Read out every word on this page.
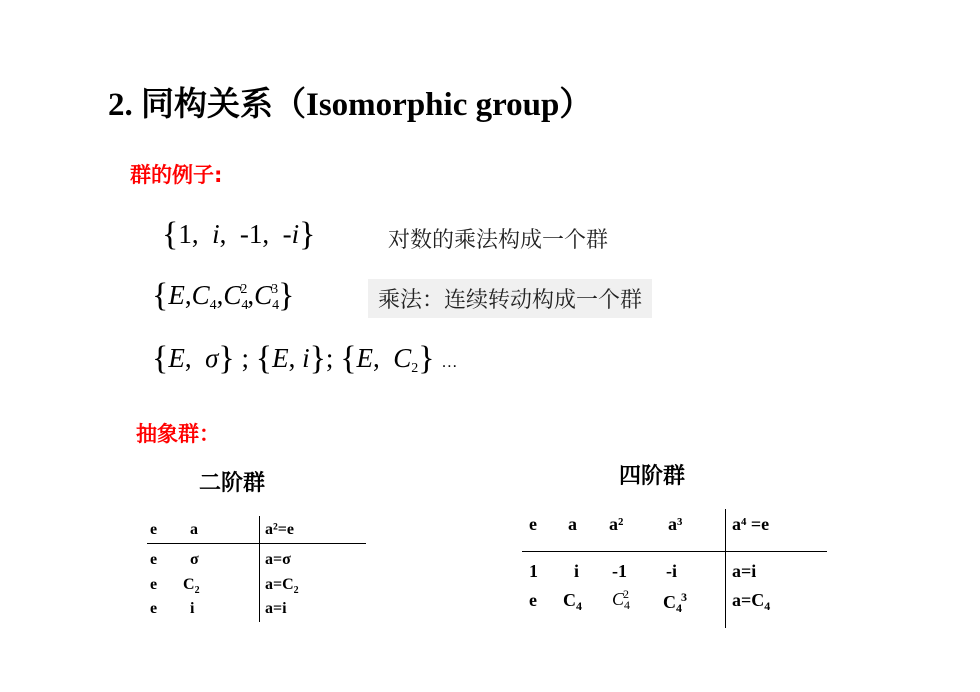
2. 同构关系（Isomorphic group）
群的例子:
{1,  i,  -1,  -i}	对数的乘法构成一个群
$\{E,C_4,C_4^2,C_4^3\}$	乘法：连续转动构成一个群
{E,  σ} ; {E, i}; {E,  $C_2$} …
抽象群：
二阶群
e a	a²=e
e σ	a=σ
e $C_2$	$a=C_2$
e i	a=i
四阶群
e a a² a³	a⁴ =e
1 i -1 -i	a=i
e $C_4$ $C_4^2$ $C_4^3$	$a=C_4$
